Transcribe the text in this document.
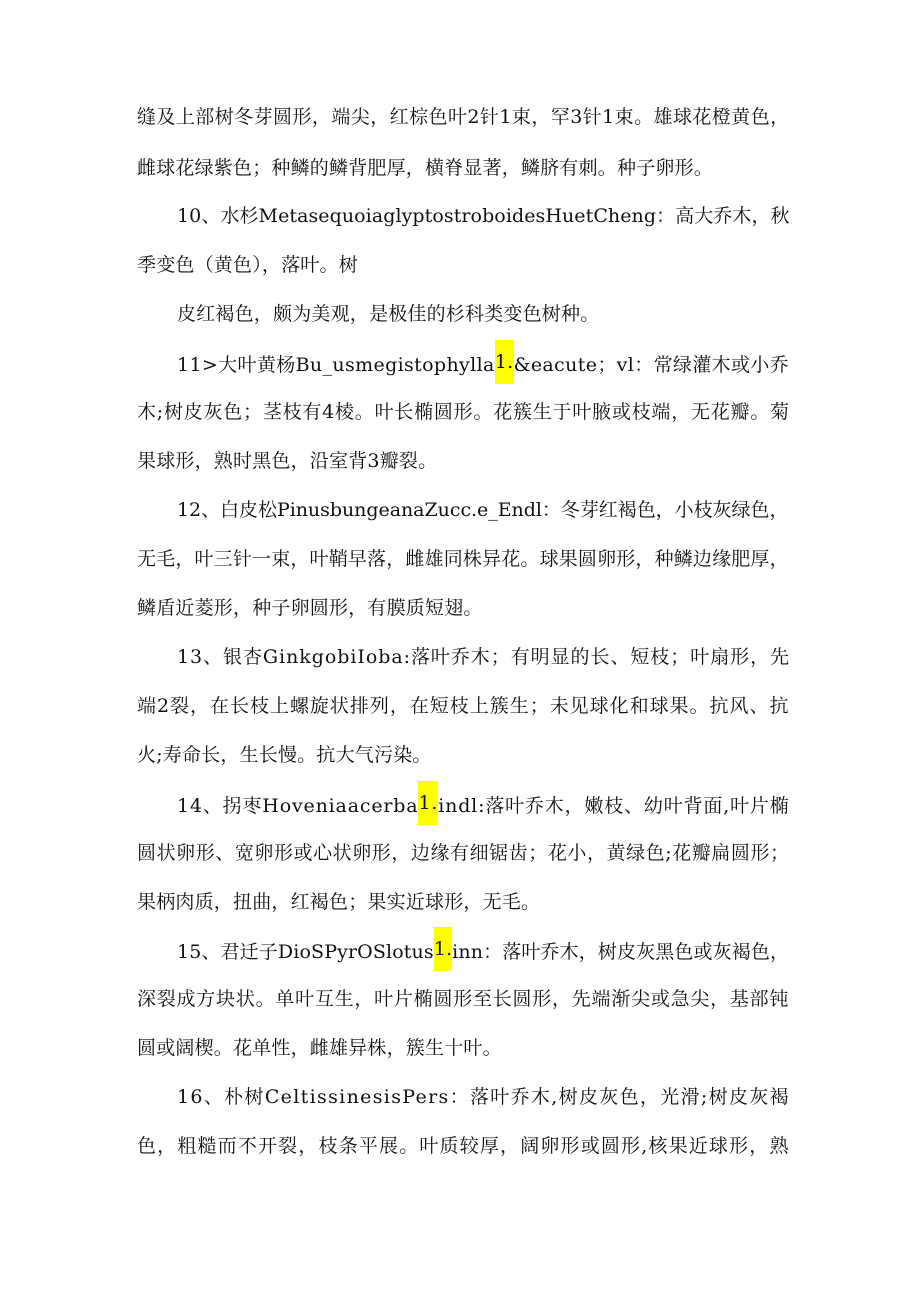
缝及上部树冬芽圆形，端尖，红棕色叶2针1束，罕3针1束。雄球花橙黄色，
雌球花绿紫色；种鳞的鳞背肥厚，横脊显著，鳞脐有刺。种子卵形。
10、水杉MetasequoiaglyptostroboidesHuetCheng：高大乔木，秋
季变色（黄色），落叶。树
皮红褐色，颇为美观，是极佳的杉科类变色树种。
11>大叶黄杨Bu_usmegistophylla1.&eacute；vl：常绿灌木或小乔
木;树皮灰色；茎枝有4棱。叶长椭圆形。花簇生于叶腋或枝端，无花瓣。菊
果球形，熟时黑色，沿室背3瓣裂。
12、白皮松PinusbungeanaZucc.e_Endl：冬芽红褐色，小枝灰绿色，
无毛，叶三针一束，叶鞘早落，雌雄同株异花。球果圆卵形，种鳞边缘肥厚，
鳞盾近菱形，种子卵圆形，有膜质短翅。
13、银杏GinkgobiIoba:落叶乔木；有明显的长、短枝；叶扇形，先
端2裂，在长枝上螺旋状排列，在短枝上簇生；未见球化和球果。抗风、抗
火;寿命长，生长慢。抗大气污染。
14、拐枣Hoveniaacerba1.indl:落叶乔木，嫩枝、幼叶背面,叶片椭
圆状卵形、宽卵形或心状卵形，边缘有细锯齿；花小，黄绿色;花瓣扁圆形；
果柄肉质，扭曲，红褐色；果实近球形，无毛。
15、君迁子DioSPyrOSlotus1.inn：落叶乔木，树皮灰黑色或灰褐色，
深裂成方块状。单叶互生，叶片椭圆形至长圆形，先端渐尖或急尖，基部钝
圆或阔楔。花单性，雌雄异株，簇生十叶。
16、朴树CeltissinesisPers：落叶乔木,树皮灰色，光滑;树皮灰褐
色，粗糙而不开裂，枝条平展。叶质较厚，阔卵形或圆形,核果近球形，熟
